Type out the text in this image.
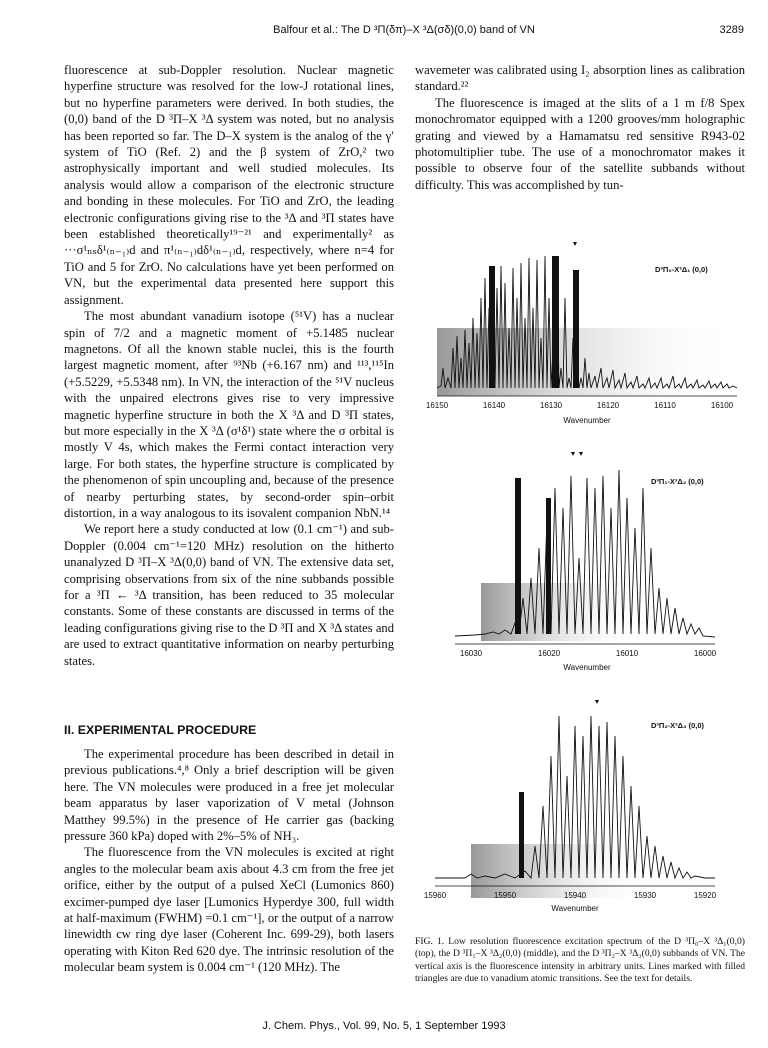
Balfour et al.: The D ³Π(δπ)–X ³Δ(σδ)(0,0) band of VN	3289

fluorescence at sub-Doppler resolution. Nuclear magnetic hyperfine structure was resolved for the low-J rotational lines, but no hyperfine parameters were derived. In both studies, the (0,0) band of the D ³Π–X ³Δ system was noted, but no analysis has been reported so far. The D–X system is the analog of the γ′ system of TiO (Ref. 2) and the β system of ZrO,² two astrophysically important and well studied molecules. Its analysis would allow a comparison of the electronic structure and bonding in these molecules. For TiO and ZrO, the leading electronic configurations giving rise to the ³Δ and ³Π states have been established theoretically¹⁹⁻²¹ and experimentally² as ···σ¹ₙₛδ¹₍ₙ₋₁₎d and π¹₍ₙ₋₁₎dδ¹₍ₙ₋₁₎d, respectively, where n=4 for TiO and 5 for ZrO. No calculations have yet been performed on VN, but the experimental data presented here support this assignment.

The most abundant vanadium isotope (⁵¹V) has a nuclear spin of 7/2 and a magnetic moment of +5.1485 nuclear magnetons. Of all the known stable nuclei, this is the fourth largest magnetic moment, after ⁹³Nb (+6.167 nm) and ¹¹³,¹¹⁵In (+5.5229, +5.5348 nm). In VN, the interaction of the ⁵¹V nucleus with the unpaired electrons gives rise to very impressive magnetic hyperfine structure in both the X ³Δ and D ³Π states, but more especially in the X ³Δ (σ¹δ¹) state where the σ orbital is mostly V 4s, which makes the Fermi contact interaction very large. For both states, the hyperfine structure is complicated by the phenomenon of spin uncoupling and, because of the presence of nearby perturbing states, by second-order spin–orbit distortion, in a way analogous to its isovalent companion NbN.¹⁴

We report here a study conducted at low (0.1 cm⁻¹) and sub-Doppler (0.004 cm⁻¹=120 MHz) resolution on the hitherto unanalyzed D ³Π–X ³Δ(0,0) band of VN. The extensive data set, comprising observations from six of the nine subbands possible for a ³Π ← ³Δ transition, has been reduced to 35 molecular constants. Some of these constants are discussed in terms of the leading configurations giving rise to the D ³Π and X ³Δ states and are used to extract quantitative information on nearby perturbing states.

II. EXPERIMENTAL PROCEDURE

The experimental procedure has been described in detail in previous publications.⁴,⁸ Only a brief description will be given here. The VN molecules were produced in a free jet molecular beam apparatus by laser vaporization of V metal (Johnson Matthey 99.5%) in the presence of He carrier gas (backing pressure 360 kPa) doped with 2%–5% of NH₃.

The fluorescence from the VN molecules is excited at right angles to the molecular beam axis about 4.3 cm from the free jet orifice, either by the output of a pulsed XeCl (Lumonics 860) excimer-pumped dye laser [Lumonics Hyperdye 300, full width at half-maximum (FWHM) =0.1 cm⁻¹], or the output of a narrow linewidth cw ring dye laser (Coherent Inc. 699-29), both lasers operating with Kiton Red 620 dye. The intrinsic resolution of the molecular beam system is 0.004 cm⁻¹ (120 MHz). The

wavemeter was calibrated using I₂ absorption lines as calibration standard.²²

The fluorescence is imaged at the slits of a 1 m f/8 Spex monochromator equipped with a 1200 grooves/mm holographic grating and viewed by a Hamamatsu red sensitive R943-02 photomultiplier tube. The use of a monochromator makes it possible to observe four of the satellite subbands without difficulty. This was accomplished by tun-

D³Π₀-X³Δ₁ (0,0)
16150	16140	16130	16120	16110	16100
Wavenumber
D³Π₁-X³Δ₂ (0,0)
16030	16020	16010	16000
Wavenumber
D³Π₂-X³Δ₃ (0,0)
15960	15950	15940	15930	15920
Wavenumber
FIG. 1. Low resolution fluorescence excitation spectrum of the D ³Π₀–X ³Δ₁(0,0) (top), the D ³Π₁–X ³Δ₂(0,0) (middle), and the D ³Π₂–X ³Δ₃(0,0) subbands of VN. The vertical axis is the fluorescence intensity in arbitrary units. Lines marked with filled triangles are due to vanadium atomic transitions. See the text for details.
J. Chem. Phys., Vol. 99, No. 5, 1 September 1993
